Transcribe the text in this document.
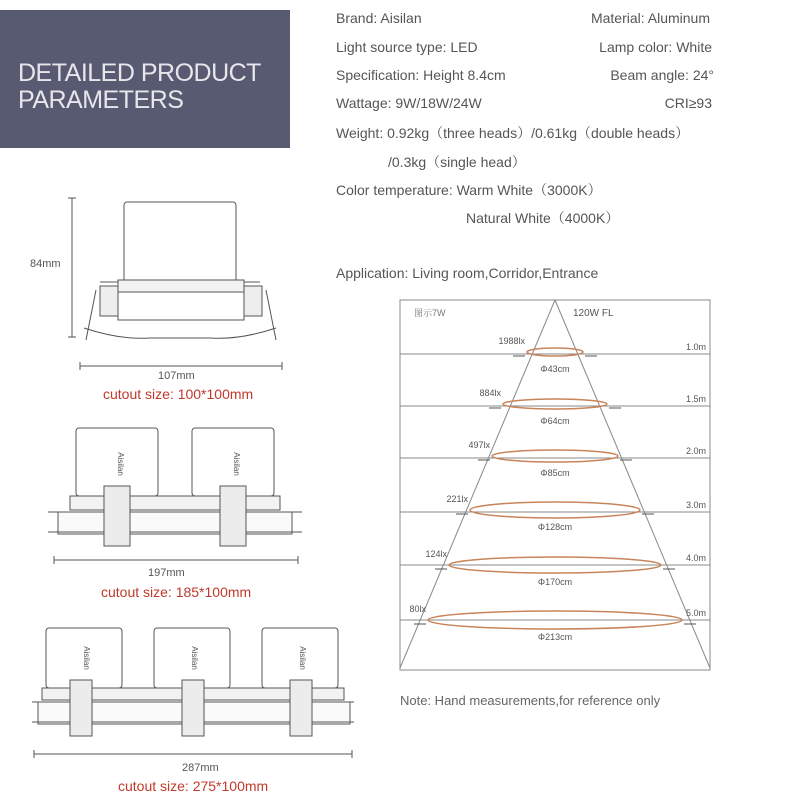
DETAILED PRODUCT
PARAMETERS
Brand: Aisilan	Material: Aluminum
Light source type: LED	Lamp color: White
Specification: Height 8.4cm	Beam angle: 24°
Wattage: 9W/18W/24W	CRI≥93
Weight: 0.92kg（three heads）/0.61kg（double heads）
/0.3kg（single head）
Color temperature: Warm White（3000K）
Natural White（4000K）
Application: Living room,Corridor,Entrance
84mm
107mm
cutout size: 100*100mm
Aisilan	Aisilan
197mm
cutout size: 185*100mm
Aisilan	Aisilan	Aisilan
287mm
cutout size: 275*100mm
图示7W	120W FL
1988lx
Φ43cm
1.0m
884lx
Φ64cm
1.5m
497lx
Φ85cm
2.0m
221lx
Φ128cm
3.0m
124lx
Φ170cm
4.0m
80lx
Φ213cm
5.0m
Note: Hand measurements,for reference only
